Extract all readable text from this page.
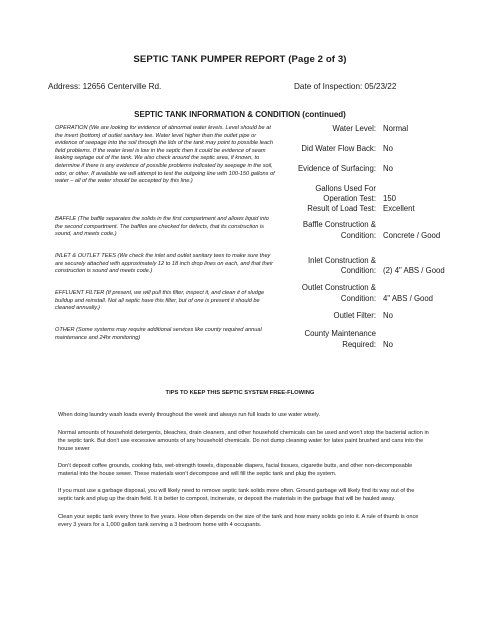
SEPTIC TANK PUMPER REPORT (Page 2 of 3)
Address: 12656 Centerville Rd.	Date of Inspection: 05/23/22
SEPTIC TANK INFORMATION & CONDITION (continued)
OPERATION (We are looking for evidence of abnormal water levels. Level should be at the invert (bottom) of outlet sanitary tee. Water level higher than the outlet pipe or evidence of seepage into the soil through the lids of the tank may point to possible leach field problems. If the water level is low in the septic then it could be evidence of seam leaking septage out of the tank. We also check around the septic area, if known, to determine if there is any evidence of possible problems indicated by seepage in the soil, odor, or other. If available we will attempt to test the outgoing line with 100-150 gallons of water – all of the water should be accepted by this line.)
BAFFLE (The baffle separates the solids in the first compartment and allows liquid into the second compartment. The baffles are checked for defects, that its construction is sound, and meets code.)
INLET & OUTLET TEES (We check the inlet and outlet sanitary tees to make sure they are securely attached with approximately 12 to 18 inch drop lines on each, and that their construction is sound and meets code.)
EFFLUENT FILTER (If present, we will pull this filter, inspect it, and clean it of sludge buildup and reinstall. Not all septic have this filter, but of one is present it should be cleaned annually.)
OTHER (Some systems may require additional services like county required annual maintenance and 24hr monitoring)
Water Level: Normal
Did Water Flow Back: No
Evidence of Surfacing: No
Gallons Used For
Operation Test: 150
Result of Load Test: Excellent
Baffle Construction &
Condition: Concrete / Good
Inlet Construction &
Condition: (2) 4" ABS / Good
Outlet Construction &
Condition: 4" ABS / Good
Outlet Filter: No
County Maintenance
Required: No
TIPS TO KEEP THIS SEPTIC SYSTEM FREE-FLOWING
When doing laundry wash loads evenly throughout the week and always run full loads to use water wisely.
Normal amounts of household detergents, bleaches, drain cleaners, and other household chemicals can be used and won't stop the bacterial action in the septic tank. But don't use excessive amounts of any household chemicals. Do not dump cleaning water for latex paint brushed and cans into the house sewer
Don't deposit coffee grounds, cooking fats, wet-strength towels, disposable diapers, facial tissues, cigarette butts, and other non-decomposable material into the house sewer. These materials won't decompose and will fill the septic tank and plug the system.
If you must use a garbage disposal, you will likely need to remove septic tank solids more often. Ground garbage will likely find its way out of the septic tank and plug up the drain field. It is better to compost, incinerate, or deposit the materials in the garbage that will be hauled away.
Clean your septic tank every three to five years. How often depends on the size of the tank and how many solids go into it. A rule of thumb is once every 3 years for a 1,000 gallon tank serving a 3 bedroom home with 4 occupants.
